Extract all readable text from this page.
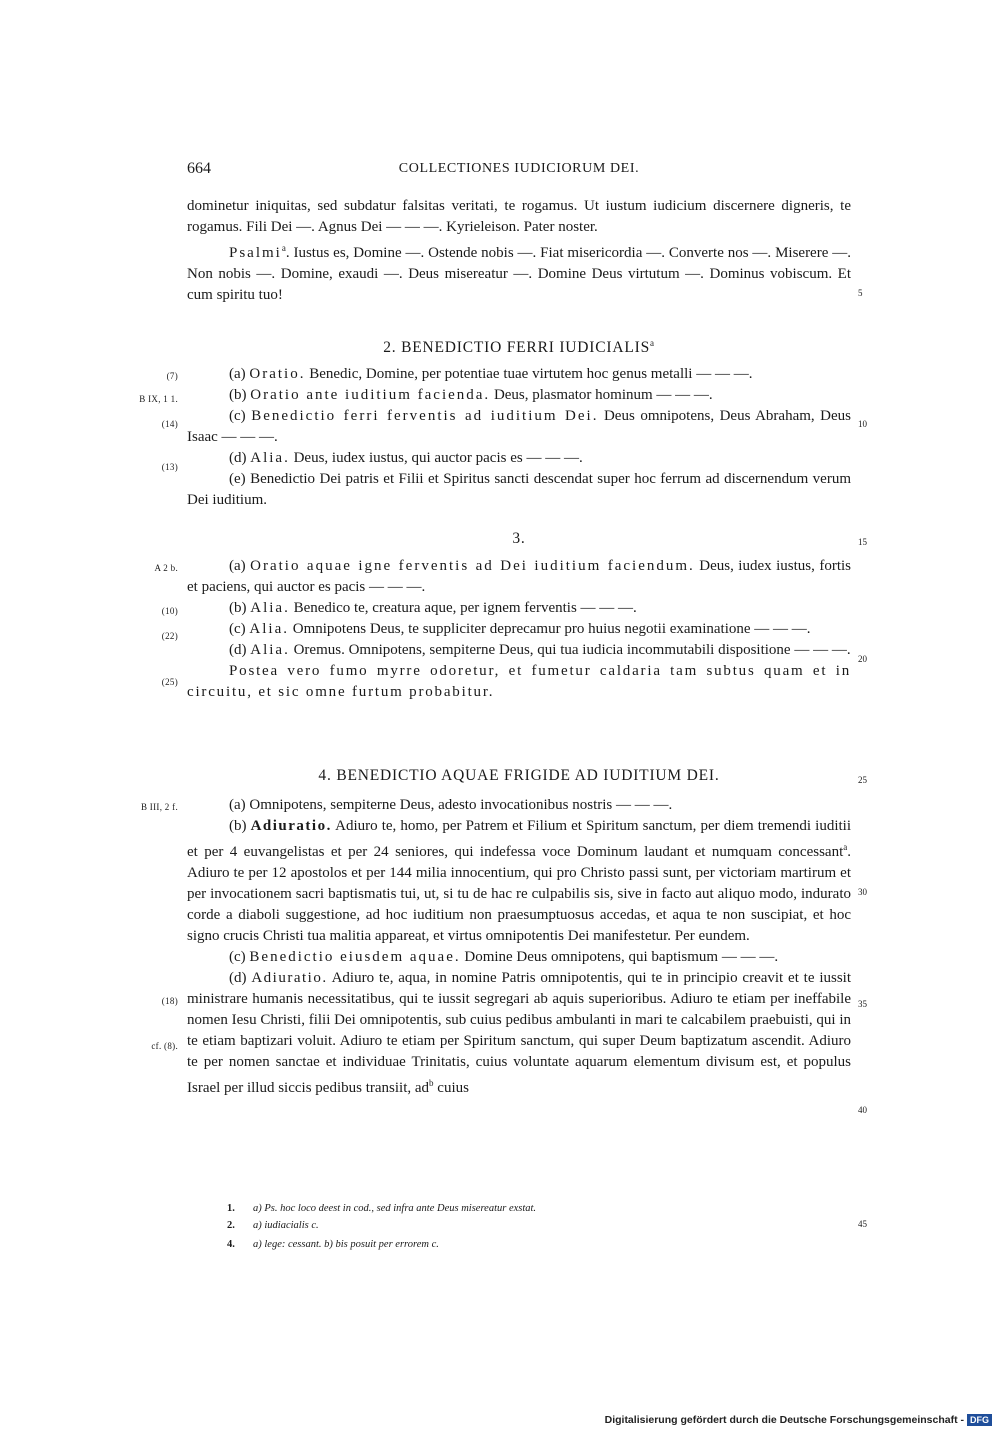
664	COLLECTIONES IUDICIORUM DEI.
dominetur iniquitas, sed subdatur falsitas veritati, te rogamus. Ut iustum iudicium discernere digneris, te rogamus. Fili Dei —. Agnus Dei — — —. Kyrieleison. Pater noster.
Psalmi$^a$. Iustus es, Domine —. Ostende nobis —. Fiat misericordia —. Converte nos —. Miserere —. Non nobis —. Domine, exaudi —. Deus misereatur —. Domine Deus virtutum —. Dominus vobiscum. Et cum spiritu tuo!
2. BENEDICTIO FERRI IUDICIALIS$^a$
(a) Oratio. Benedic, Domine, per potentiae tuae virtutem hoc genus metalli — — —.
(b) Oratio ante iuditium facienda. Deus, plasmator hominum — — —.
(c) Benedictio ferri ferventis ad iuditium Dei. Deus omnipotens, Deus Abraham, Deus Isaac — — —.
(d) Alia. Deus, iudex iustus, qui auctor pacis es — — —.
(e) Benedictio Dei patris et Filii et Spiritus sancti descendat super hoc ferrum ad discernendum verum Dei iuditium.
(7)
B IX, 1 1.
(14)
(13)
3.
(a) Oratio aquae igne ferventis ad Dei iuditium faciendum. Deus, iudex iustus, fortis et paciens, qui auctor es pacis — — —.
(b) Alia. Benedico te, creatura aque, per ignem ferventis — — —.
(c) Alia. Omnipotens Deus, te suppliciter deprecamur pro huius negotii examinatione — — —.
(d) Alia. Oremus. Omnipotens, sempiterne Deus, qui tua iudicia incommutabili dispositione — — —.
Postea vero fumo myrre odoretur, et fumetur caldaria tam subtus quam et in circuitu, et sic omne furtum probabitur.
A 2 b.
(10)
(22)
(25)
4. BENEDICTIO AQUAE FRIGIDE AD IUDITIUM DEI.
(a) Omnipotens, sempiterne Deus, adesto invocationibus nostris — — —.
(b) Adiuratio. Adiuro te, homo, per Patrem et Filium et Spiritum sanctum, per diem tremendi iuditii et per 4 euvangelistas et per 24 seniores, qui indefessa voce Dominum laudant et numquam concessant$^a$. Adiuro te per 12 apostolos et per 144 milia innocentium, qui pro Christo passi sunt, per victoriam martirum et per invocationem sacri baptismatis tui, ut, si tu de hac re culpabilis sis, sive in facto aut aliquo modo, indurato corde a diaboli suggestione, ad hoc iuditium non praesumptuosus accedas, et aqua te non suscipiat, et hoc signo crucis Christi tua malitia appareat, et virtus omnipotentis Dei manifestetur. Per eundem.
(c) Benedictio eiusdem aquae. Domine Deus omnipotens, qui baptismum — — —.
(d) Adiuratio. Adiuro te, aqua, in nomine Patris omnipotentis, qui te in principio creavit et te iussit ministrare humanis necessitatibus, qui te iussit segregari ab aquis superioribus. Adiuro te etiam per ineffabile nomen Iesu Christi, filii Dei omnipotentis, sub cuius pedibus ambulanti in mari te calcabilem praebuisti, qui in te etiam baptizari voluit. Adiuro te etiam per Spiritum sanctum, qui super Deum baptizatum ascendit. Adiuro te per nomen sanctae et individuae Trinitatis, cuius voluntate aquarum elementum divisum est, et populus Israel per illud siccis pedibus transiit, $ad^b$ cuius
B III, 2 f.
(18)
cf. (8).
5
10
15
20
25
30
35
40
45
1. a) Ps. hoc loco deest in cod., sed infra ante Deus misereatur exstat.
2. a) iudiacialis c.
4. a) lege: cessant. b) bis posuit per errorem c.
Digitalisierung gefördert durch die Deutsche Forschungsgemeinschaft - DFG
